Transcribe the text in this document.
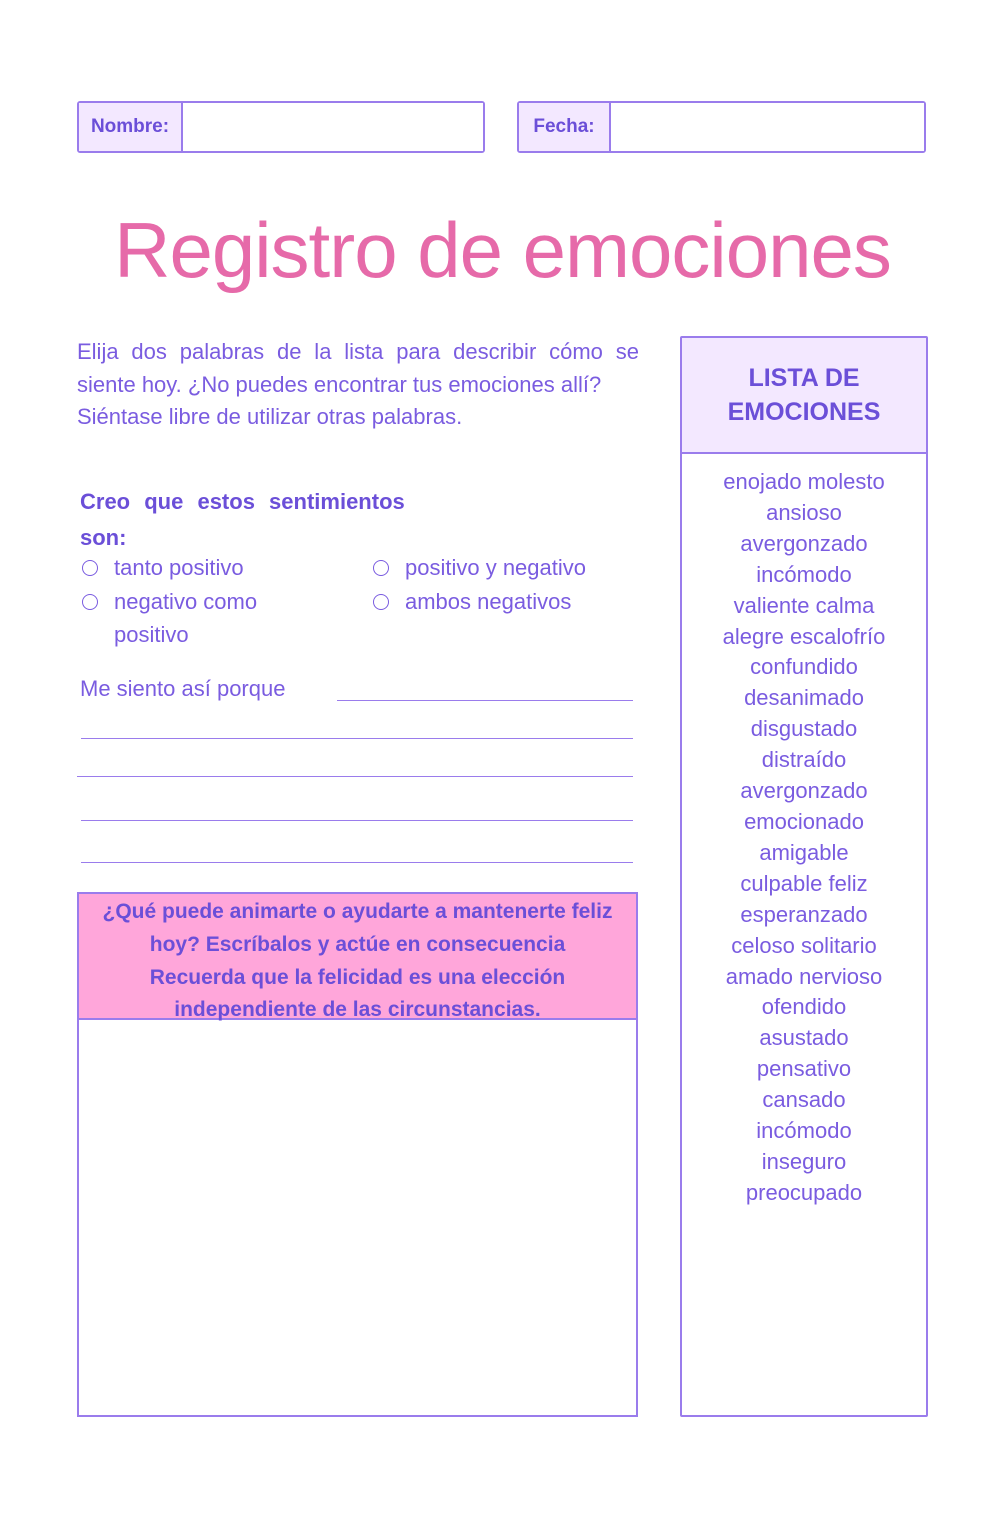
Nombre:	Fecha:
Registro de emociones

Elija dos palabras de la lista para describir cómo se siente hoy. ¿No puedes encontrar tus emociones allí?

Siéntase libre de utilizar otras palabras.

Creo que estos sentimientos son:
tanto positivo	positivo y negativo
negativo como positivo
ambos negativos
Me siento así porque
¿Qué puede animarte o ayudarte a mantenerte feliz
hoy? Escríbalos y actúe en consecuencia
Recuerda que la felicidad es una elección
independiente de las circunstancias.
LISTA DE
EMOCIONES
enojado molesto
ansioso
avergonzado
incómodo
valiente calma
alegre escalofrío
confundido
desanimado
disgustado
distraído
avergonzado
emocionado
amigable
culpable feliz
esperanzado
celoso solitario
amado nervioso
ofendido
asustado
pensativo
cansado
incómodo
inseguro
preocupado
